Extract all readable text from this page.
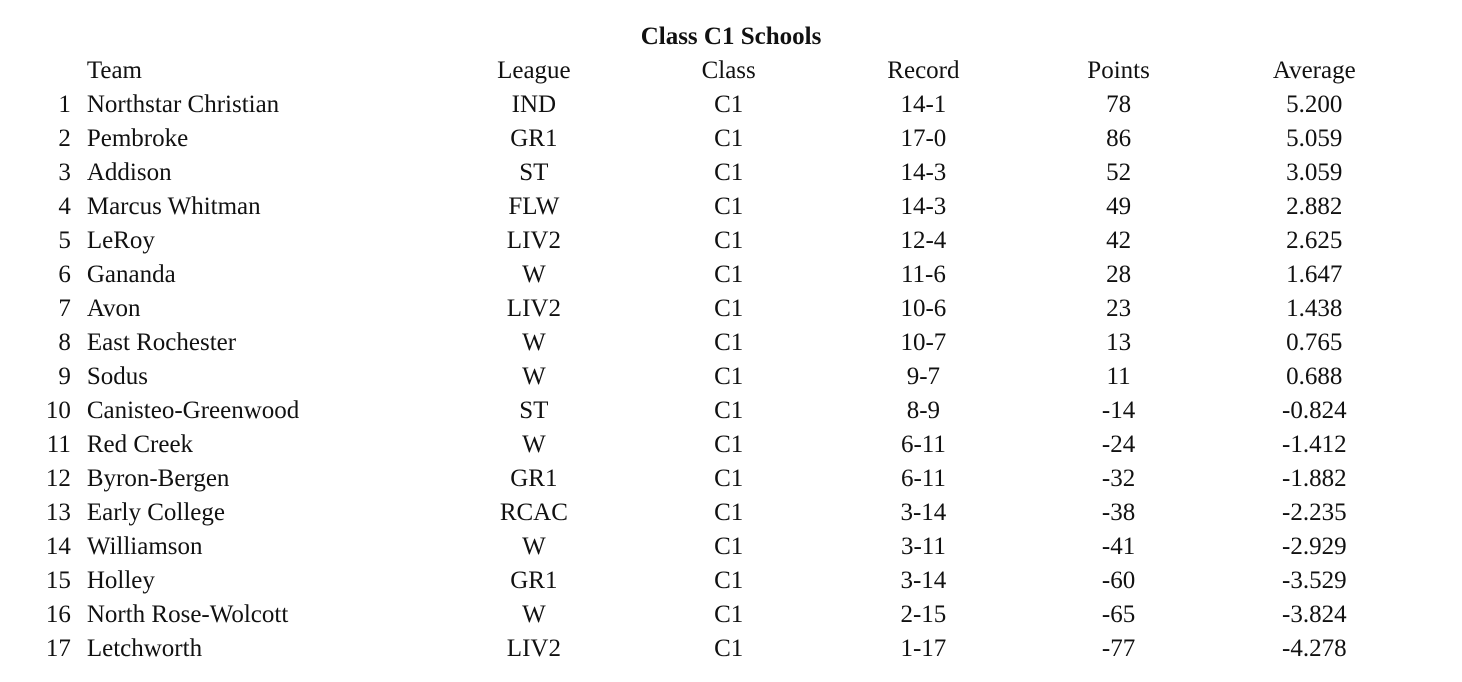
Class C1 Schools
	Team	League	Class	Record	Points	Average
1	Northstar Christian	IND	C1	14-1	78	5.200
2	Pembroke	GR1	C1	17-0	86	5.059
3	Addison	ST	C1	14-3	52	3.059
4	Marcus Whitman	FLW	C1	14-3	49	2.882
5	LeRoy	LIV2	C1	12-4	42	2.625
6	Gananda	W	C1	11-6	28	1.647
7	Avon	LIV2	C1	10-6	23	1.438
8	East Rochester	W	C1	10-7	13	0.765
9	Sodus	W	C1	9-7	11	0.688
10	Canisteo-Greenwood	ST	C1	8-9	-14	-0.824
11	Red Creek	W	C1	6-11	-24	-1.412
12	Byron-Bergen	GR1	C1	6-11	-32	-1.882
13	Early College	RCAC	C1	3-14	-38	-2.235
14	Williamson	W	C1	3-11	-41	-2.929
15	Holley	GR1	C1	3-14	-60	-3.529
16	North Rose-Wolcott	W	C1	2-15	-65	-3.824
17	Letchworth	LIV2	C1	1-17	-77	-4.278
